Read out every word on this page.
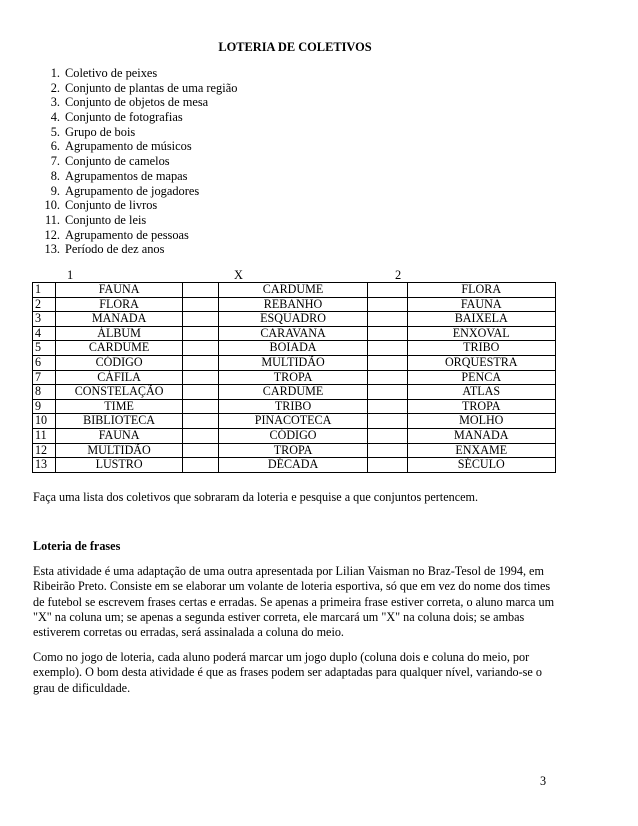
LOTERIA DE COLETIVOS
1. Coletivo de peixes
2. Conjunto de plantas de uma região
3. Conjunto de objetos de mesa
4. Conjunto de fotografias
5. Grupo de bois
6. Agrupamento de músicos
7. Conjunto de camelos
8. Agrupamentos de mapas
9. Agrupamento de jogadores
10. Conjunto de livros
11. Conjunto de leis
12. Agrupamento de pessoas
13. Período de dez anos
1	X	2
1	FAUNA		CARDUME		FLORA
2	FLORA		REBANHO		FAUNA
3	MANADA		ESQUADRO		BAIXELA
4	ÁLBUM		CARAVANA		ENXOVAL
5	CARDUME		BOIADA		TRIBO
6	CÓDIGO		MULTIDÃO		ORQUESTRA
7	CÁFILA		TROPA		PENCA
8	CONSTELAÇÃO		CARDUME		ATLAS
9	TIME		TRIBO		TROPA
10	BIBLIOTECA		PINACOTECA		MOLHO
11	FAUNA		CÓDIGO		MANADA
12	MULTIDÃO		TROPA		ENXAME
13	LUSTRO		DÉCADA		SÉCULO

Faça uma lista dos coletivos que sobraram da loteria e pesquise a que conjuntos pertencem.

Loteria de frases

Esta atividade é uma adaptação de uma outra apresentada por Lilian Vaisman no Braz-Tesol de 1994, em Ribeirão Preto. Consiste em se elaborar um volante de loteria esportiva, só que em vez do nome dos times de futebol se escrevem frases certas e erradas. Se apenas a primeira frase estiver correta, o aluno marca um "X" na coluna um; se apenas a segunda estiver correta, ele marcará um "X" na coluna dois; se ambas estiverem corretas ou erradas, será assinalada a coluna do meio.

Como no jogo de loteria, cada aluno poderá marcar um jogo duplo (coluna dois e coluna do meio, por exemplo). O bom desta atividade é que as frases podem ser adaptadas para qualquer nível, variando-se o grau de dificuldade.

3
